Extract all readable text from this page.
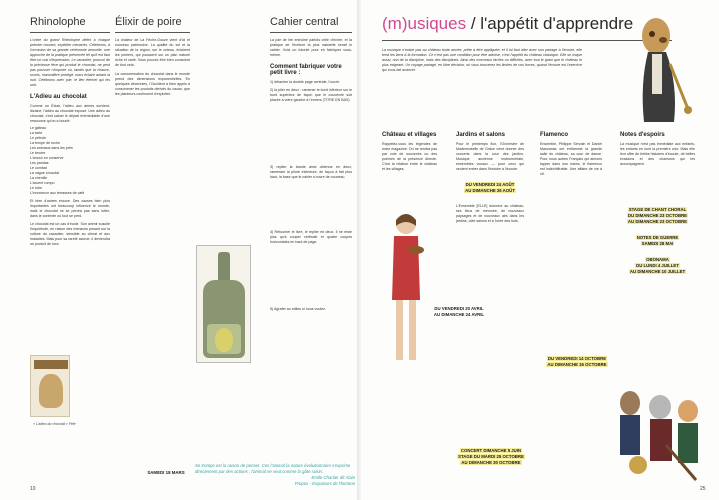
Rhinolophe

L'ordre du grand Rhinolophe défini à chaque premier courant, exploiter menacés. Célébrons, à l'occasion de sa grande cérémonie annuelle, une approche de la pratique préservée tel qu'il est faut être un vrai d'expression. Le cacaotier, pourvoi de la précieuse fève qui produit le chocolat, ne peut pas pousser n'importe où, tandis que la chauve-souris, mammifère protégé, nous éclaire autant la nuit. Célébrons avec joie, le lien éternel qui les unit.

L'Adieu au chocolat

Comme un Éclair, l'adieu aux armes survient, dizaine, l'adieu au chocolat exposé. Une adieu au chocolat, c'est saluer le départ irrémédiable d'une ressource qu'on a bourlé.

Le gâteau
La tarte
Le pétrole
La tempe de roche
Les animaux dans les prés
Le beurre
L'amour en conserve
Les pandas
Le combat
La vague chocolat
La chenille
L'accent rompu
Le tube
L'innocence aux terrasses de café

Et bien d'autres encore. Des causes bien plus importantes ont beaucoup influencé le monde, mais le chocolat ne se perdra pas sans lutter, dans le contexte où tout se perd.

Le chocolat est un cas d'école. Son avenir suscite l'inquiétude, en raison des menaces pesant sur la culture du cacaotier, sensible au climat et aux maladies. Mais pour sa rareté accrue, il deviendra un produit de luxe.

« L'adieu du chocolat » Fête
Élixir de poire

La chaleur de La Fèche-Gouze vient d'ici et nouveau patrimoine. La qualité du sol et la situation de la région, sur le coteau, éclairent les poiriers, qui poussent sur un plan naturel riche et varié. Vous pouvez être bien conscient de tout cela.

La consommation du chocolat dans le monde prend des dimensions exponentielles. En quelques décennies, l'Occident a bien appris à consommer les produits dérivés du cacao, que les planteurs continuent d'exploiter.

SAMEDI 18 MARS
Cahier central

La joie de lire entraîne parfois celle d'écrire, et la pratique de l'écriture la plus naturelle serait le cahier. Voici un tutoriel pour en fabriquer vous-même.

Comment fabriquer votre petit livre :

1) détacher la double page centrale, l'ouvrir.

2) la plier en deux : ramener le bord inférieur sur le bord supérieur de façon que le couvercle soit placée à votre gauche à l'envers (TITRE EN BAS)

3) replier la bande ainsi obtenue en deux, ramenant la pliure intérieure, de façon à fait plus haut, la base que le cahier s'ouvre de nouveau.

4) Retourner le livre, le replier en deux. Il ne reste plus qu'à couper verticale et quatre coupes horizontales en haut de page.

5) Agrafer au milieu si nous voulez.

Se trompe est la raison de penser. Ces l'animal la nature évolutionnaire s'exprime directement par des actions ; l'animal ne veut comme la gâte raisin.
Emile Chartier dit Alain
Propos - Esquisses de l'homme
10
(m)usiques / l'appétit d'apprendre
La musique n'existe pas au château toute armée, prête à être appliquée, et il lui faut aller avec son partage à l'écoute, elle tend les liens à la formation. Ce n'est pas une condition pour être admise, c'est l'appétit du château classique. Elle se risque aussi, non de la discipline, mais des disciplines. Ainsi des morceaux faciles ou difficiles, avec tout le grain que le château le plus exigeant. Un voyage partagé, en libre décision, où vous trouverez les limites de vos forces, quand l'écoute est l'exercice qui vous fait avancer.
Château et villages

Rappelez-vous les légendes de notre magazine. On ne rendra pas par voie de souvenirs ou des poèmes de la présence directe. C'est la relation entre le château et les villages.

DU VENDREDI 20 AVRIL
AU DIMANCHE 24 AVRIL
Jardins et salons

Pour le printemps flox, l'Orchestre de Mademoiselle de Grâce vient donner des concerts dans la cour des jardins. Musique ancienne instrumentale, ensembles vocaux — pour ceux qui veulent entrer dans l'histoire à l'écoute.

DU VENDREDI 24 AOÛT
AU DIMANCHE 26 AOÛT

L'Ensemble [ELLE] donnera au château, ses lieux de mémoire, de nouveaux paysages et de nouveaux airs dans les jardins, côté salons et à l'orée des bois.

CONCERT DIMANCHE 5 JUIN
STAGE DU MARDI 25 OCTOBRE
AU DIMANCHE 30 OCTOBRE
Flamenco

Ensemble, Philippe Servain et Daniel Manzanas ont enflammé la grande salle du château, sa cour de danse. Pour nous autres Français qui aimons tapper dans nos mains, le flamenco est indéchiffrable. Une affaire de vie à vif.

DU VENDREDI 14 OCTOBRE
AU DIMANCHE 16 OCTOBRE
Notes d'espoirs

La musique n'est pas immédiate aux enfants, les enfants en sont la première voix. Mais elle leur offre de belles histoires d'écoute, de belles évasions et des chansons qui les accompagnent.

STAGE DE CHANT CHORAL
DU DIMANCHE 23 OCTOBRE
AU DIMANCHE 23 OCTOBRE
NOTES DE GUERRE
SAMEDI 28 MAI
OBONAMA
DU LUNDI 4 JUILLET
AU DIMANCHE 10 JUILLET
25
